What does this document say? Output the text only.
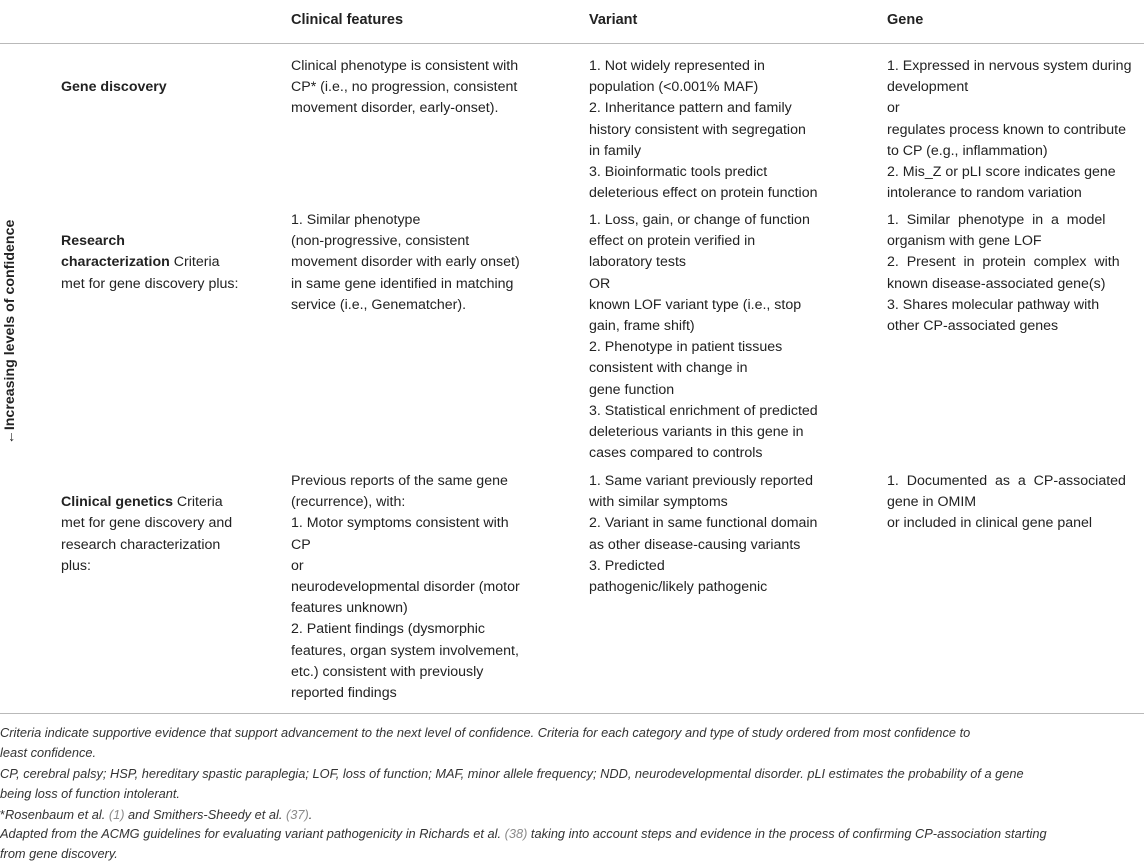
Clinical features	Variant	Gene
←Increasing levels of confidence

Gene discovery

Clinical phenotype is consistent with
CP* (i.e., no progression, consistent
movement disorder, early-onset).
1. Not widely represented in
population (<0.001% MAF)
2. Inheritance pattern and family
history consistent with segregation
in family
3. Bioinformatic tools predict
deleterious effect on protein function
1. Expressed in nervous system during
development
or
regulates process known to contribute
to CP (e.g., inflammation)
2. Mis_Z or pLI score indicates gene
intolerance to random variation

Research
characterization Criteria
met for gene discovery plus:

1. Similar phenotype
(non-progressive, consistent
movement disorder with early onset)
in same gene identified in matching
service (i.e., Genematcher).
1. Loss, gain, or change of function
effect on protein verified in
laboratory tests
OR
known LOF variant type (i.e., stop
gain, frame shift)
2. Phenotype in patient tissues
consistent with change in
gene function
3. Statistical enrichment of predicted
deleterious variants in this gene in
cases compared to controls
1.  Similar  phenotype  in  a  model
organism with gene LOF
2.  Present  in  protein  complex  with
known disease-associated gene(s)
3. Shares molecular pathway with
other CP-associated genes

Clinical genetics Criteria
met for gene discovery and
research characterization
plus:

Previous reports of the same gene
(recurrence), with:
1. Motor symptoms consistent with
CP
or
neurodevelopmental disorder (motor
features unknown)
2. Patient findings (dysmorphic
features, organ system involvement,
etc.) consistent with previously
reported findings
1. Same variant previously reported
with similar symptoms
2. Variant in same functional domain
as other disease-causing variants
3. Predicted
pathogenic/likely pathogenic
1.  Documented  as  a  CP-associated
gene in OMIM
or included in clinical gene panel
Criteria indicate supportive evidence that support advancement to the next level of confidence. Criteria for each category and type of study ordered from most confidence to
least confidence.
CP, cerebral palsy; HSP, hereditary spastic paraplegia; LOF, loss of function; MAF, minor allele frequency; NDD, neurodevelopmental disorder. pLI estimates the probability of a gene
being loss of function intolerant.
*Rosenbaum et al. (1) and Smithers-Sheedy et al. (37).
Adapted from the ACMG guidelines for evaluating variant pathogenicity in Richards et al. (38) taking into account steps and evidence in the process of confirming CP-association starting
from gene discovery.
